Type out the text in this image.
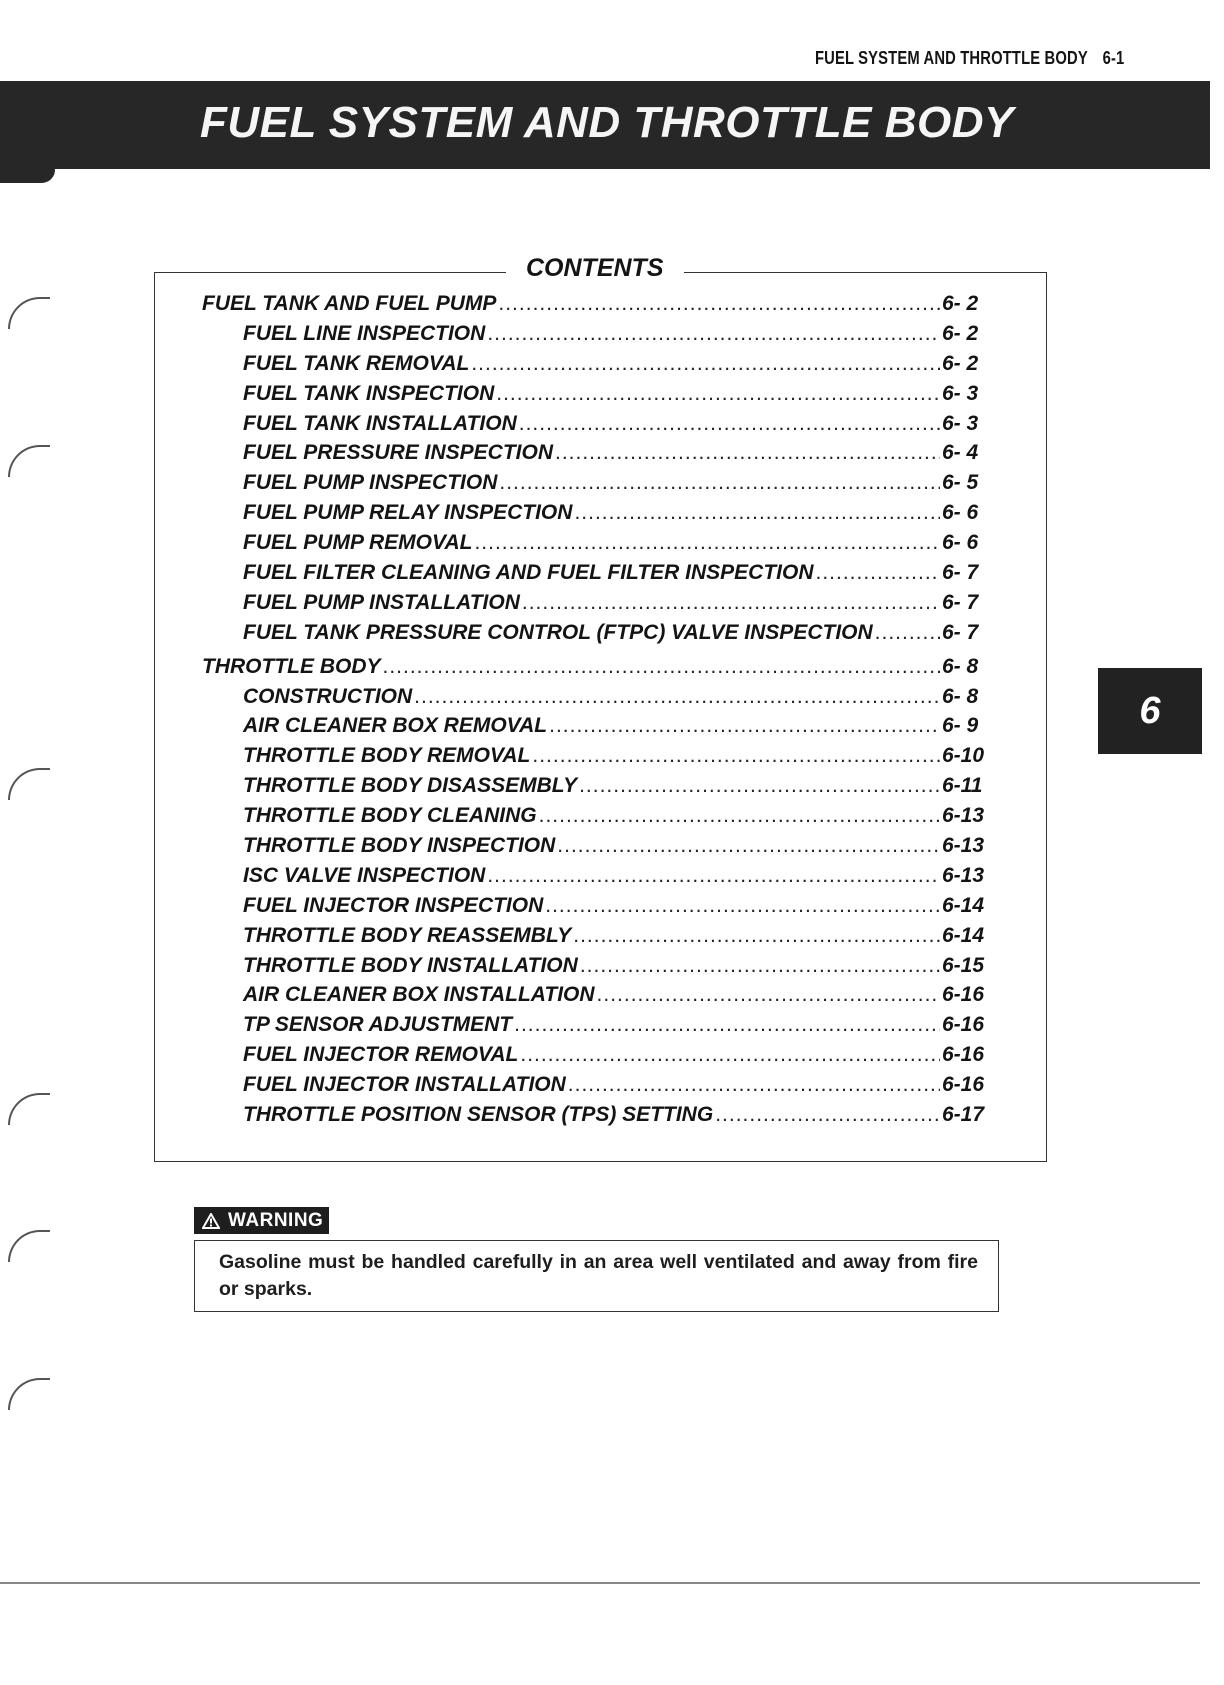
FUEL SYSTEM AND THROTTLE BODY 6-1
FUEL SYSTEM AND THROTTLE BODY
CONTENTS
FUEL TANK AND FUEL PUMP .....	6- 2
FUEL LINE INSPECTION .....	6- 2
FUEL TANK REMOVAL .....	6- 2
FUEL TANK INSPECTION .....	6- 3
FUEL TANK INSTALLATION .....	6- 3
FUEL PRESSURE INSPECTION .....	6- 4
FUEL PUMP INSPECTION .....	6- 5
FUEL PUMP RELAY INSPECTION .....	6- 6
FUEL PUMP REMOVAL .....	6- 6
FUEL FILTER CLEANING AND FUEL FILTER INSPECTION .....	6- 7
FUEL PUMP INSTALLATION .....	6- 7
FUEL TANK PRESSURE CONTROL (FTPC) VALVE INSPECTION .....	6- 7
THROTTLE BODY .....	6- 8
CONSTRUCTION .....	6- 8
AIR CLEANER BOX REMOVAL .....	6- 9
THROTTLE BODY REMOVAL .....	6-10
THROTTLE BODY DISASSEMBLY .....	6-11
THROTTLE BODY CLEANING .....	6-13
THROTTLE BODY INSPECTION .....	6-13
ISC VALVE INSPECTION .....	6-13
FUEL INJECTOR INSPECTION .....	6-14
THROTTLE BODY REASSEMBLY .....	6-14
THROTTLE BODY INSTALLATION .....	6-15
AIR CLEANER BOX INSTALLATION .....	6-16
TP SENSOR ADJUSTMENT .....	6-16
FUEL INJECTOR REMOVAL .....	6-16
FUEL INJECTOR INSTALLATION .....	6-16
THROTTLE POSITION SENSOR (TPS) SETTING .....	6-17
6
WARNING
Gasoline must be handled carefully in an area well ventilated and away from fire or sparks.
